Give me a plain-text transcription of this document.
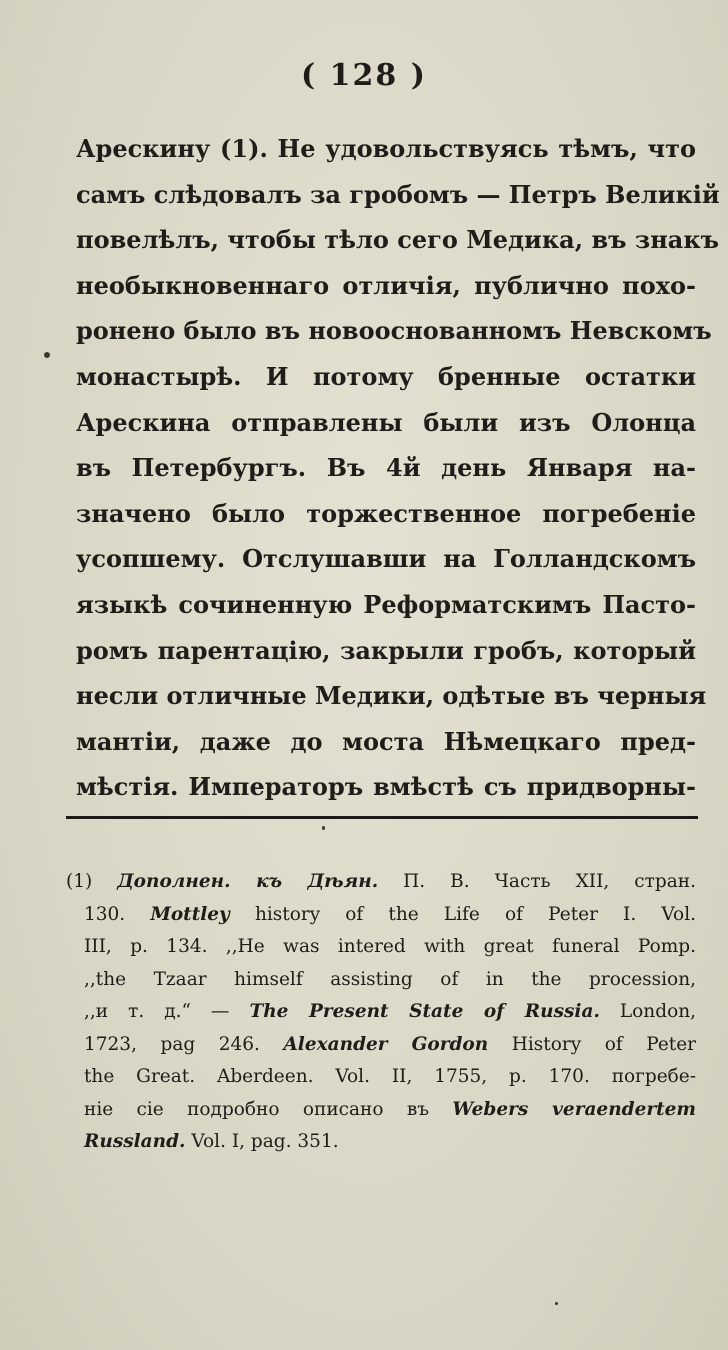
( 128 )
Арескину (1). Не удовольствуясь тѣмъ, что
самъ слѣдовалъ за гробомъ — Петръ Великій
повелѣлъ, чтобы тѣло сего Медика, въ знакъ
необыкновеннаго отличія, публично похо-
ронено было въ новооснованномъ Невскомъ
монастырѣ. И потому бренные остатки
Арескина отправлены были изъ Олонца
въ Петербургъ. Въ 4й день Января на-
значено было торжественное погребеніе
усопшему. Отслушавши на Голландскомъ
языкѣ сочиненную Реформатскимъ Пасто-
ромъ парентацію, закрыли гробъ, который
несли отличные Медики, одѣтые въ черныя
мантіи, даже до моста Нѣмецкаго пред-
мѣстія. Императоръ вмѣстѣ съ придворны-
(1) Дополнен. къ Дѣян. П. В. Часть XII, стран.
130. Mottley history of the Life of Peter I. Vol.
III, p. 134. ,,He was intered with great funeral Pomp.
,,the Tzaar himself assisting of in the procession,
,,и т. д.“ — The Present State of Russia. London,
1723, pag 246. Alexander Gordon History of Peter
the Great. Aberdeen. Vol. II, 1755, p. 170. погребе-
ніе сіе подробно описано въ Webers veraendertem
Russland. Vol. I, pag. 351.
